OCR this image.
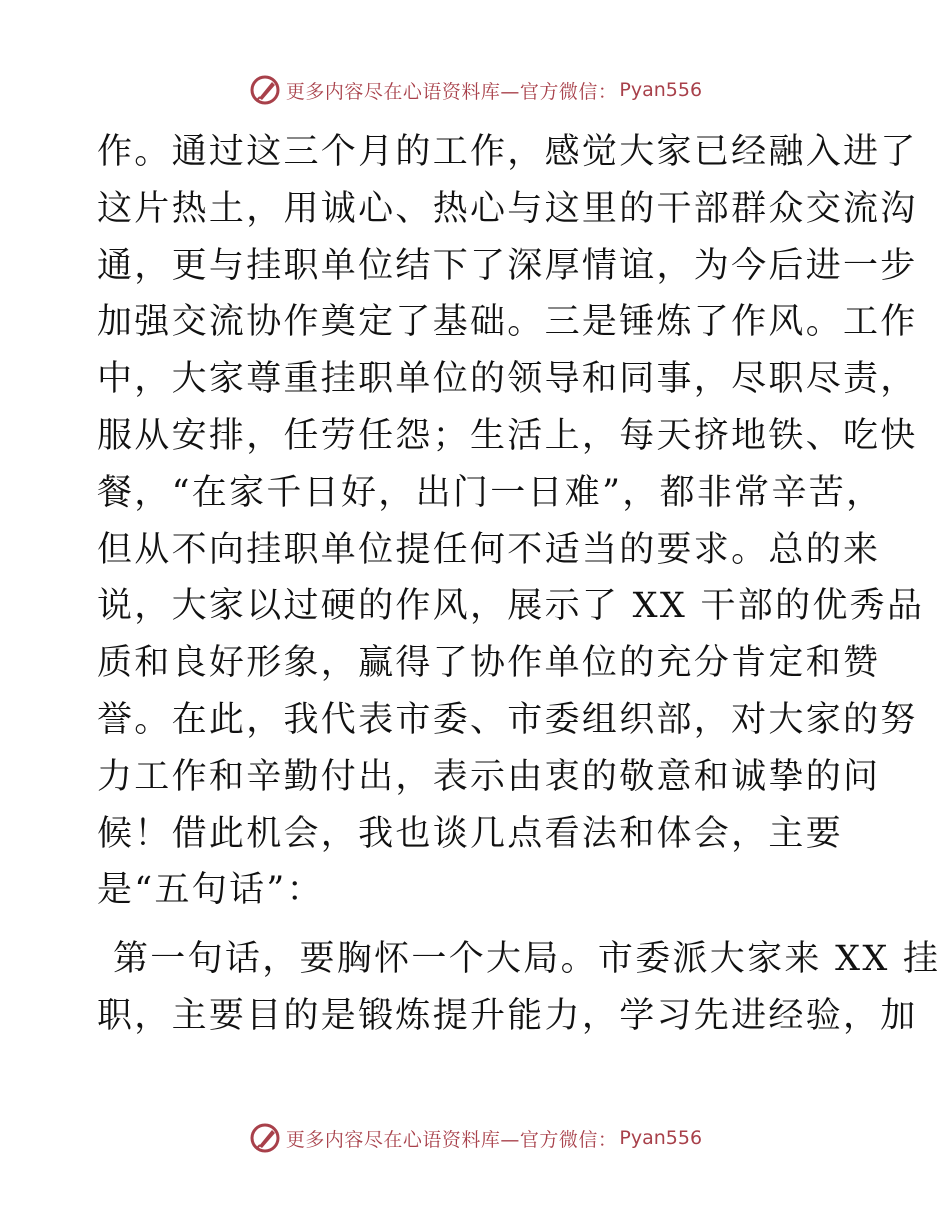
更多内容尽在心语资料库—官方微信： Pyan556
作。通过这三个月的工作，感觉大家已经融入进了
这片热土，用诚心、热心与这里的干部群众交流沟
通，更与挂职单位结下了深厚情谊，为今后进一步
加强交流协作奠定了基础。三是锤炼了作风。工作
中，大家尊重挂职单位的领导和同事，尽职尽责，
服从安排，任劳任怨；生活上，每天挤地铁、吃快
餐，“在家千日好，出门一日难”，都非常辛苦，
但从不向挂职单位提任何不适当的要求。总的来
说，大家以过硬的作风，展示了 XX 干部的优秀品
质和良好形象，赢得了协作单位的充分肯定和赞
誉。在此，我代表市委、市委组织部，对大家的努
力工作和辛勤付出，表示由衷的敬意和诚挚的问
候！借此机会，我也谈几点看法和体会，主要
是“五句话”：
第一句话，要胸怀一个大局。市委派大家来 XX 挂
职，主要目的是锻炼提升能力，学习先进经验，加
更多内容尽在心语资料库—官方微信： Pyan556
